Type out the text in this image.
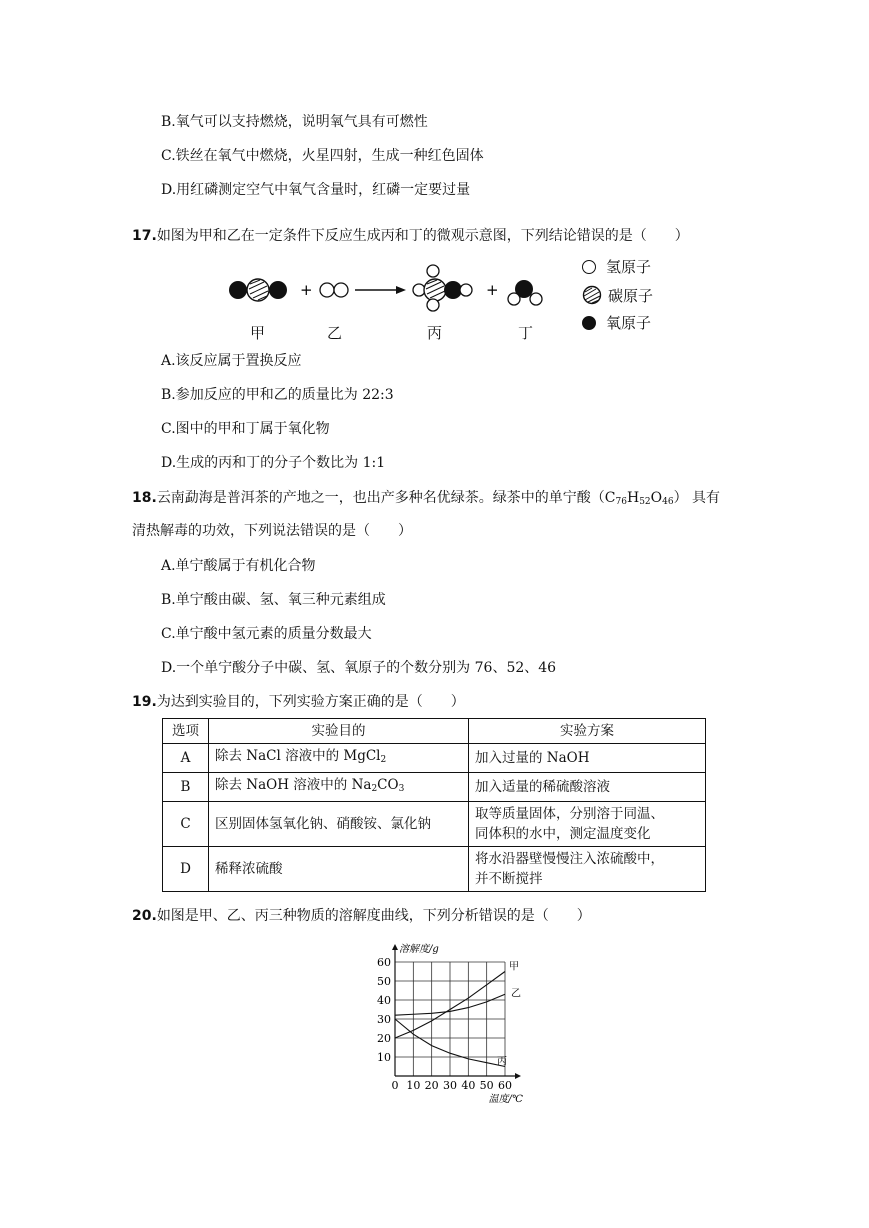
B.氧气可以支持燃烧，说明氧气具有可燃性
C.铁丝在氧气中燃烧，火星四射，生成一种红色固体
D.用红磷测定空气中氧气含量时，红磷一定要过量
17.如图为甲和乙在一定条件下反应生成丙和丁的微观示意图，下列结论错误的是（　　）
+	+
氢原子
碳原子
氧原子
甲	乙	丙	丁
A.该反应属于置换反应
B.参加反应的甲和乙的质量比为 22:3
C.图中的甲和丁属于氧化物
D.生成的丙和丁的分子个数比为 1:1
18.云南勐海是普洱茶的产地之一，也出产多种名优绿茶。绿茶中的单宁酸$(C_{76}H_{52}O_{46})$ 具有
清热解毒的功效，下列说法错误的是（　　）
A.单宁酸属于有机化合物
B.单宁酸由碳、氢、氧三种元素组成
C.单宁酸中氢元素的质量分数最大
D.一个单宁酸分子中碳、氢、氧原子的个数分别为 76、52、46
19.为达到实验目的，下列实验方案正确的是（　　）
选项	实验目的	实验方案
A	除去 NaCl 溶液中的 MgCl$_2$	加入过量的 NaOH
B	除去 NaOH 溶液中的 $Na_2CO_3$	加入适量的稀硫酸溶液
C	区别固体氢氧化钠、硝酸铵、氯化钠	取等质量固体，分别溶于同温、
同体积的水中，测定温度变化

D	稀释浓硫酸	将水沿器壁慢慢注入浓硫酸中，
并不断搅拌
20.如图是甲、乙、丙三种物质的溶解度曲线，下列分析错误的是（　　）
0 10 20 30 40 50 60
10
20
30
40
50
60
溶解度/g
温度/℃
甲
乙
丙
